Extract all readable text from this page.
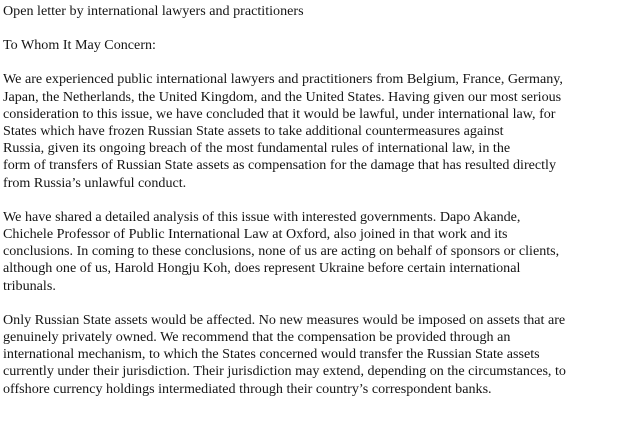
Open letter by international lawyers and practitioners
To Whom It May Concern:
We are experienced public international lawyers and practitioners from Belgium, France, Germany,
Japan, the Netherlands, the United Kingdom, and the United States. Having given our most serious
consideration to this issue, we have concluded that it would be lawful, under international law, for
States which have frozen Russian State assets to take additional countermeasures against
Russia, given its ongoing breach of the most fundamental rules of international law, in the
form of transfers of Russian State assets as compensation for the damage that has resulted directly
from Russia’s unlawful conduct.
We have shared a detailed analysis of this issue with interested governments. Dapo Akande,
Chichele Professor of Public International Law at Oxford, also joined in that work and its
conclusions. In coming to these conclusions, none of us are acting on behalf of sponsors or clients,
although one of us, Harold Hongju Koh, does represent Ukraine before certain international
tribunals.
Only Russian State assets would be affected. No new measures would be imposed on assets that are
genuinely privately owned. We recommend that the compensation be provided through an
international mechanism, to which the States concerned would transfer the Russian State assets
currently under their jurisdiction. Their jurisdiction may extend, depending on the circumstances, to
offshore currency holdings intermediated through their country’s correspondent banks.
